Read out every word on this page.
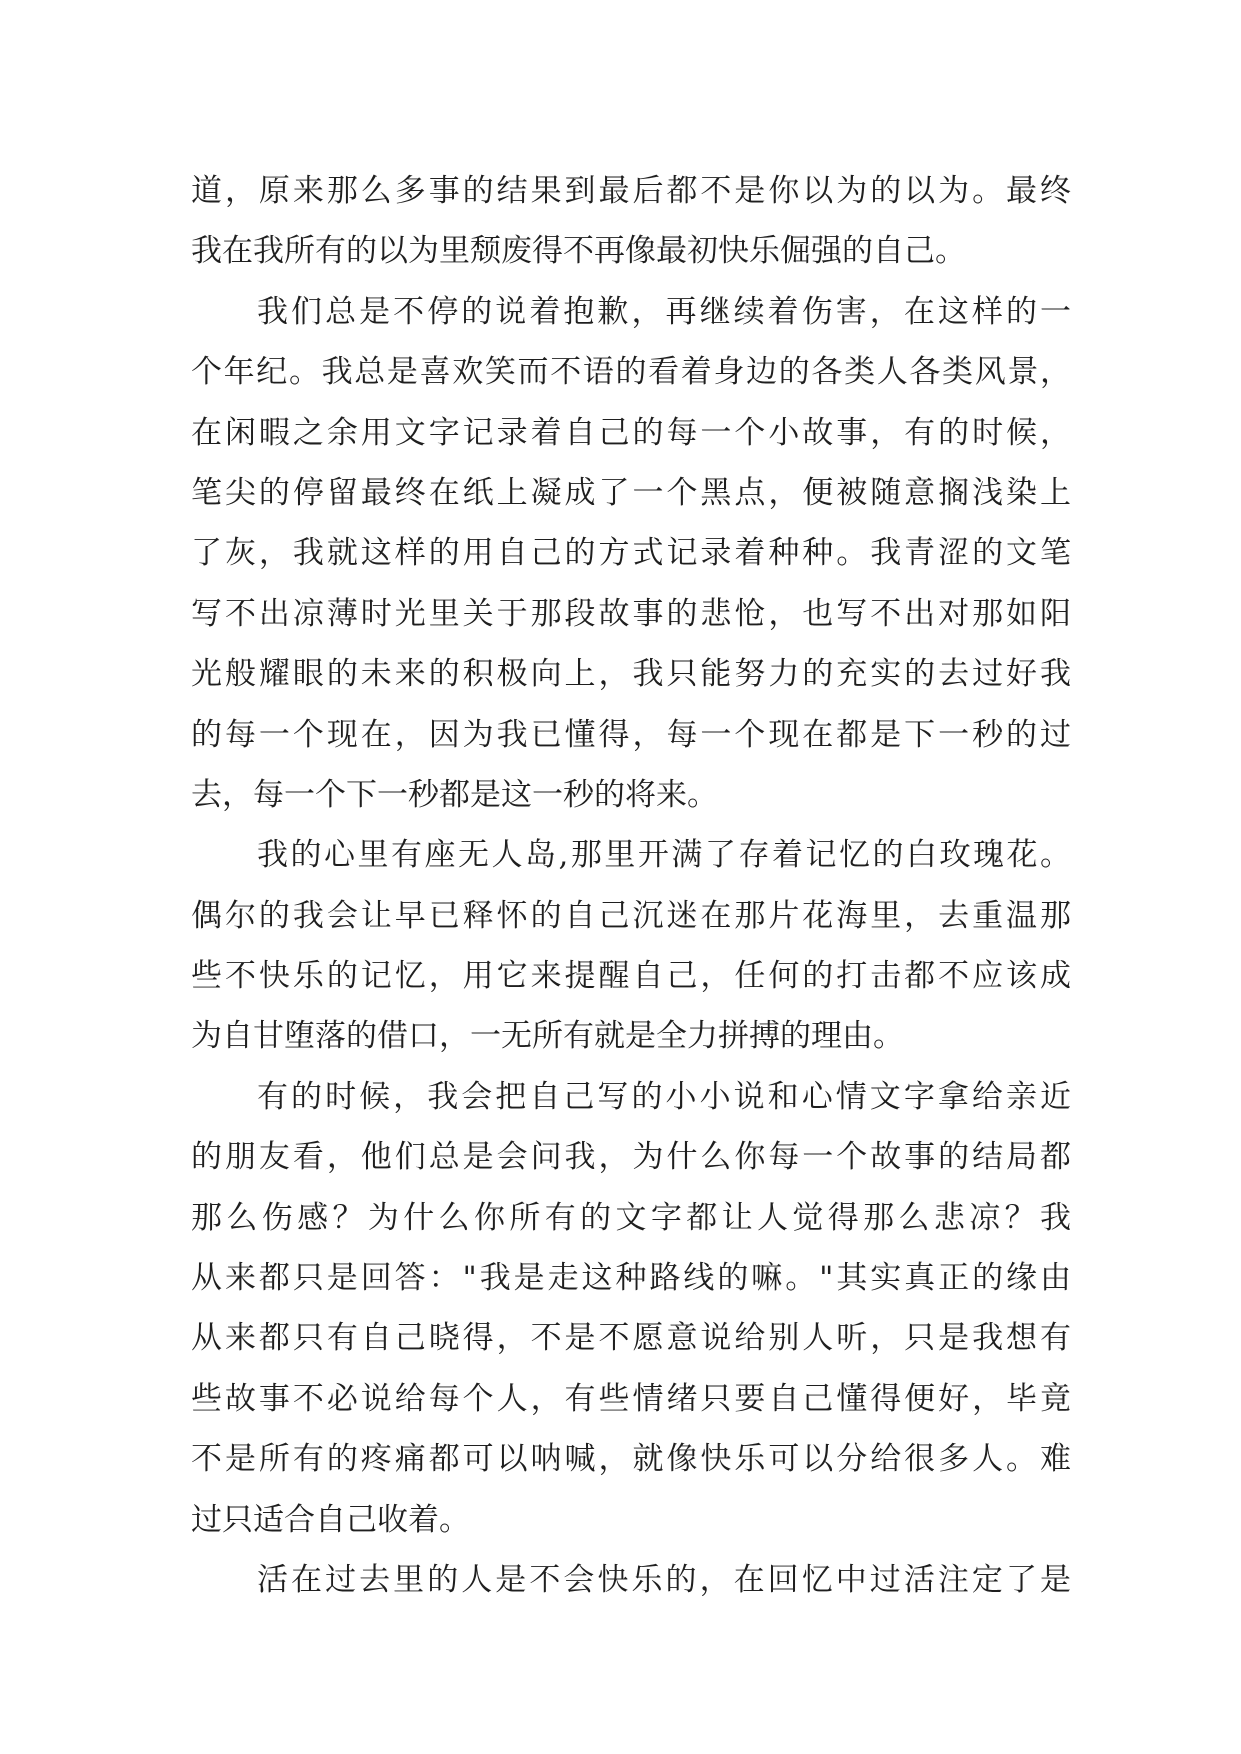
道，原来那么多事的结果到最后都不是你以为的以为。最终
我在我所有的以为里颓废得不再像最初快乐倔强的自己。
我们总是不停的说着抱歉，再继续着伤害，在这样的一
个年纪。我总是喜欢笑而不语的看着身边的各类人各类风景，
在闲暇之余用文字记录着自己的每一个小故事，有的时候，
笔尖的停留最终在纸上凝成了一个黑点，便被随意搁浅染上
了灰，我就这样的用自己的方式记录着种种。我青涩的文笔
写不出凉薄时光里关于那段故事的悲怆，也写不出对那如阳
光般耀眼的未来的积极向上，我只能努力的充实的去过好我
的每一个现在，因为我已懂得，每一个现在都是下一秒的过
去，每一个下一秒都是这一秒的将来。
我的心里有座无人岛,那里开满了存着记忆的白玫瑰花。
偶尔的我会让早已释怀的自己沉迷在那片花海里，去重温那
些不快乐的记忆，用它来提醒自己，任何的打击都不应该成
为自甘堕落的借口，一无所有就是全力拼搏的理由。
有的时候，我会把自己写的小小说和心情文字拿给亲近
的朋友看，他们总是会问我，为什么你每一个故事的结局都
那么伤感？为什么你所有的文字都让人觉得那么悲凉？我
从来都只是回答："我是走这种路线的嘛。"其实真正的缘由
从来都只有自己晓得，不是不愿意说给别人听，只是我想有
些故事不必说给每个人，有些情绪只要自己懂得便好，毕竟
不是所有的疼痛都可以呐喊，就像快乐可以分给很多人。难
过只适合自己收着。
活在过去里的人是不会快乐的，在回忆中过活注定了是
